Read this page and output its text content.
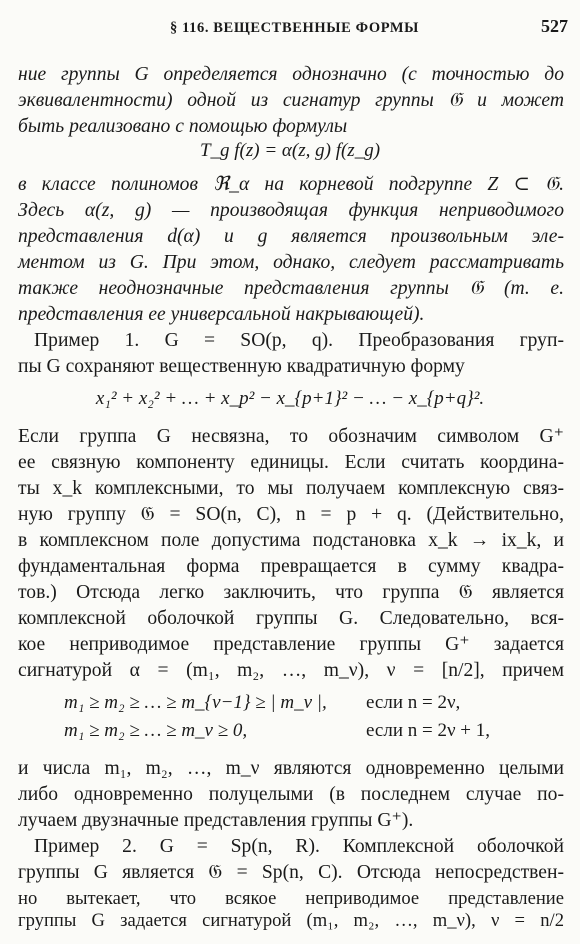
§ 116. ВЕЩЕСТВЕННЫЕ ФОРМЫ	527
ние группы G определяется однозначно (с точностью до
эквивалентности) одной из сигнатур группы 𝔊 и может
быть реализовано с помощью формулы
T_g f(z) = α(z, g) f(z_g)
в классе полиномов ℜ_α на корневой подгруппе Z ⊂ 𝔊.
Здесь α(z, g) — производящая функция неприводимого
представления d(α) и g является произвольным эле-
ментом из G. При этом, однако, следует рассматривать
также неоднозначные представления группы 𝔊 (т. е.
представления ее универсальной накрывающей).
Пример 1. G = SO(p, q). Преобразования груп-
пы G сохраняют вещественную квадратичную форму
x₁² + x₂² + … + x_p² − x_{p+1}² − … − x_{p+q}².
Если группа G несвязна, то обозначим символом G⁺
ее связную компоненту единицы. Если считать координа-
ты x_k комплексными, то мы получаем комплексную связ-
ную группу 𝔊 = SO(n, C), n = p + q. (Действительно,
в комплексном поле допустима подстановка x_k → ix_k, и
фундаментальная форма превращается в сумму квадра-
тов.) Отсюда легко заключить, что группа 𝔊 является
комплексной оболочкой группы G. Следовательно, вся-
кое неприводимое представление группы G⁺ задается
сигнатурой α = (m₁, m₂, …, m_ν), ν = [n/2], причем
m₁ ≥ m₂ ≥ … ≥ m_{ν−1} ≥ | m_ν |, если n = 2ν,
m₁ ≥ m₂ ≥ … ≥ m_ν ≥ 0,	если n = 2ν + 1,
и числа m₁, m₂, …, m_ν являются одновременно целыми
либо одновременно полуцелыми (в последнем случае по-
лучаем двузначные представления группы G⁺).
Пример 2. G = Sp(n, R). Комплексной оболочкой
группы G является 𝔊 = Sp(n, C). Отсюда непосредствен-
но вытекает, что всякое неприводимое представление
группы G задается сигнатурой (m₁, m₂, …, m_ν), ν = n/2
